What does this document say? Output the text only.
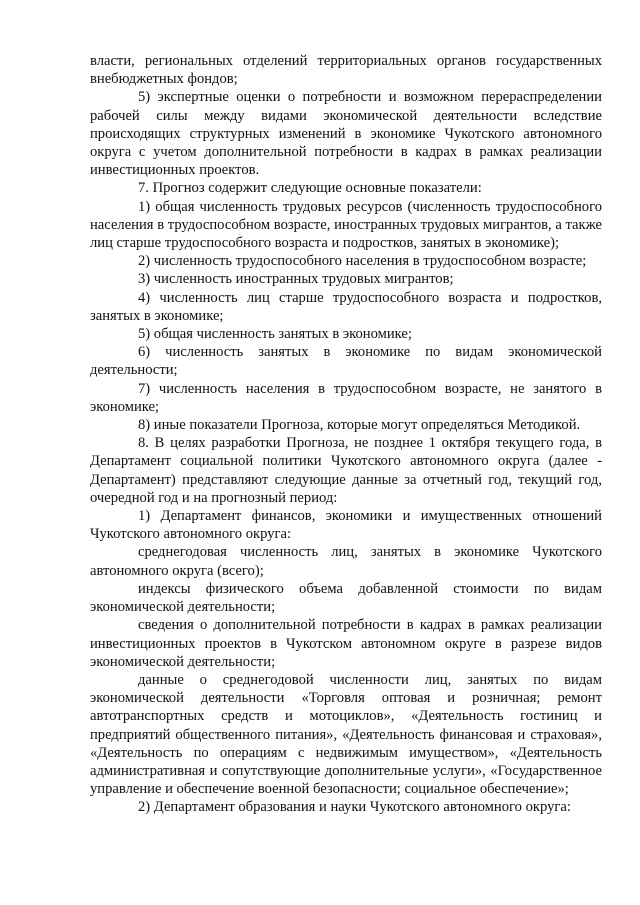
власти, региональных отделений территориальных органов государственных внебюджетных фондов;

5) экспертные оценки о потребности и возможном перераспределении рабочей силы между видами экономической деятельности вследствие происходящих структурных изменений в экономике Чукотского автономного округа с учетом дополнительной потребности в кадрах в рамках реализации инвестиционных проектов.

7. Прогноз содержит следующие основные показатели:

1) общая численность трудовых ресурсов (численность трудоспособного населения в трудоспособном возрасте, иностранных трудовых мигрантов, а также лиц старше трудоспособного возраста и подростков, занятых в экономике);

2) численность трудоспособного населения в трудоспособном возрасте;

3) численность иностранных трудовых мигрантов;

4) численность лиц старше трудоспособного возраста и подростков, занятых в экономике;

5) общая численность занятых в экономике;

6) численность занятых в экономике по видам экономической деятельности;

7) численность населения в трудоспособном возрасте, не занятого в экономике;

8) иные показатели Прогноза, которые могут определяться Методикой.

8. В целях разработки Прогноза, не позднее 1 октября текущего года, в Департамент социальной политики Чукотского автономного округа (далее - Департамент) представляют следующие данные за отчетный год, текущий год, очередной год и на прогнозный период:

1) Департамент финансов, экономики и имущественных отношений Чукотского автономного округа:

среднегодовая численность лиц, занятых в экономике Чукотского автономного округа (всего);

индексы физического объема добавленной стоимости по видам экономической деятельности;

сведения о дополнительной потребности в кадрах в рамках реализации инвестиционных проектов в Чукотском автономном округе в разрезе видов экономической деятельности;

данные о среднегодовой численности лиц, занятых по видам экономической деятельности «Торговля оптовая и розничная; ремонт автотранспортных средств и мотоциклов», «Деятельность гостиниц и предприятий общественного питания», «Деятельность финансовая и страховая», «Деятельность по операциям с недвижимым имуществом», «Деятельность административная и сопутствующие дополнительные услуги», «Государственное управление и обеспечение военной безопасности; социальное обеспечение»;

2) Департамент образования и науки Чукотского автономного округа:
